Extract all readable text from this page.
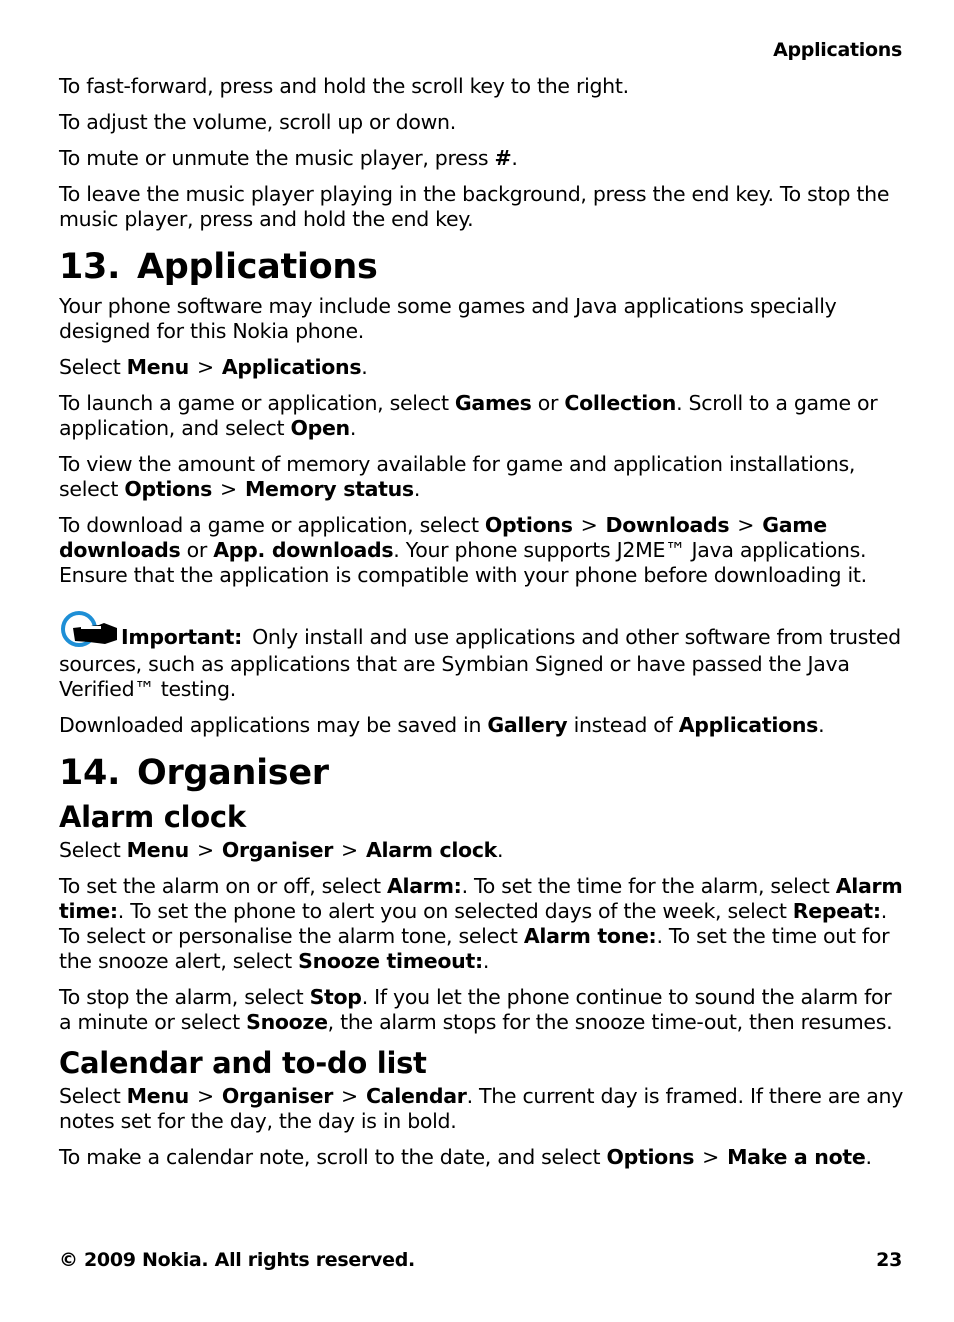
Applications

To fast-forward, press and hold the scroll key to the right.

To adjust the volume, scroll up or down.

To mute or unmute the music player, press #.

To leave the music player playing in the background, press the end key. To stop the music player, press and hold the end key.

13. Applications

Your phone software may include some games and Java applications specially designed for this Nokia phone.

Select Menu > Applications.

To launch a game or application, select Games or Collection. Scroll to a game or application, and select Open.

To view the amount of memory available for game and application installations, select Options > Memory status.

To download a game or application, select Options > Downloads > Game downloads or App. downloads. Your phone supports J2ME™ Java applications. Ensure that the application is compatible with your phone before downloading it.

Important: Only install and use applications and other software from trusted sources, such as applications that are Symbian Signed or have passed the Java Verified™ testing.

Downloaded applications may be saved in Gallery instead of Applications.

14. Organiser
Alarm clock

Select Menu > Organiser > Alarm clock.

To set the alarm on or off, select Alarm:. To set the time for the alarm, select Alarm time:. To set the phone to alert you on selected days of the week, select Repeat:. To select or personalise the alarm tone, select Alarm tone:. To set the time out for the snooze alert, select Snooze timeout:.

To stop the alarm, select Stop. If you let the phone continue to sound the alarm for a minute or select Snooze, the alarm stops for the snooze time-out, then resumes.

Calendar and to-do list

Select Menu > Organiser > Calendar. The current day is framed. If there are any notes set for the day, the day is in bold.

To make a calendar note, scroll to the date, and select Options > Make a note.

© 2009 Nokia. All rights reserved.	23
